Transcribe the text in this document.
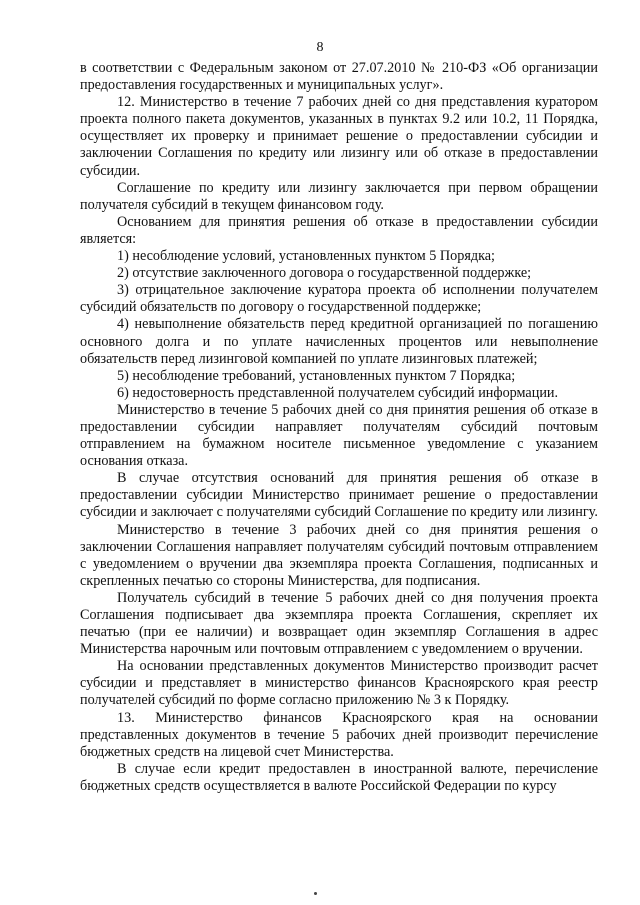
8

в соответствии с Федеральным законом от 27.07.2010 № 210-ФЗ «Об организации предоставления государственных и муниципальных услуг».

12. Министерство в течение 7 рабочих дней со дня представления куратором проекта полного пакета документов, указанных в пунктах 9.2 или 10.2, 11 Порядка, осуществляет их проверку и принимает решение о предоставлении субсидии и заключении Соглашения по кредиту или лизингу или об отказе в предоставлении субсидии.

Соглашение по кредиту или лизингу заключается при первом обращении получателя субсидий в текущем финансовом году.

Основанием для принятия решения об отказе в предоставлении субсидии является:

1) несоблюдение условий, установленных пунктом 5 Порядка;

2) отсутствие заключенного договора о государственной поддержке;

3) отрицательное заключение куратора проекта об исполнении получателем субсидий обязательств по договору о государственной поддержке;

4) невыполнение обязательств перед кредитной организацией по погашению основного долга и по уплате начисленных процентов или невыполнение обязательств перед лизинговой компанией по уплате лизинговых платежей;

5) несоблюдение требований, установленных пунктом 7 Порядка;

6) недостоверность представленной получателем субсидий информации.

Министерство в течение 5 рабочих дней со дня принятия решения об отказе в предоставлении субсидии направляет получателям субсидий почтовым отправлением на бумажном носителе письменное уведомление с указанием основания отказа.

В случае отсутствия оснований для принятия решения об отказе в предоставлении субсидии Министерство принимает решение о предоставлении субсидии и заключает с получателями субсидий Соглашение по кредиту или лизингу.

Министерство в течение 3 рабочих дней со дня принятия решения о заключении Соглашения направляет получателям субсидий почтовым отправлением с уведомлением о вручении два экземпляра проекта Соглашения, подписанных и скрепленных печатью со стороны Министерства, для подписания.

Получатель субсидий в течение 5 рабочих дней со дня получения проекта Соглашения подписывает два экземпляра проекта Соглашения, скрепляет их печатью (при ее наличии) и возвращает один экземпляр Соглашения в адрес Министерства нарочным или почтовым отправлением с уведомлением о вручении.

На основании представленных документов Министерство производит расчет субсидии и представляет в министерство финансов Красноярского края реестр получателей субсидий по форме согласно приложению № 3 к Порядку.

13. Министерство финансов Красноярского края на основании представленных документов в течение 5 рабочих дней производит перечисление бюджетных средств на лицевой счет Министерства.

В случае если кредит предоставлен в иностранной валюте, перечисление бюджетных средств осуществляется в валюте Российской Федерации по курсу
